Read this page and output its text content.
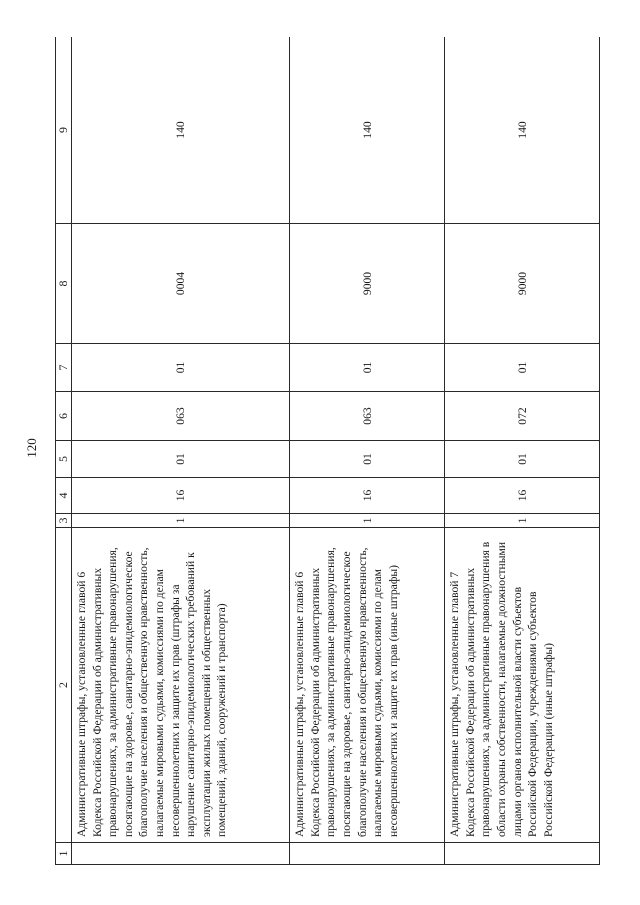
120
1	2	3	4	5	6	7	8	9
	Административные штрафы, установленные главой 6 Кодекса Российской Федерации об административных правонарушениях, за административные правонарушения, посягающие на здоровье, санитарно-эпидемиологическое благополучие населения и общественную нравственность, налагаемые мировыми судьями, комиссиями по делам несовершеннолетних и защите их прав (штрафы за нарушение санитарно-эпидемиологических требований к эксплуатации жилых помещений и общественных помещений, зданий, сооружений и транспорта)	1	16	01	063	01	0004	140
	Административные штрафы, установленные главой 6 Кодекса Российской Федерации об административных правонарушениях, за административные правонарушения, посягающие на здоровье, санитарно-эпидемиологическое благополучие населения и общественную нравственность, налагаемые мировыми судьями, комиссиями по делам несовершеннолетних и защите их прав (иные штрафы)	1	16	01	063	01	9000	140
	Административные штрафы, установленные главой 7 Кодекса Российской Федерации об административных правонарушениях, за административные правонарушения в области охраны собственности, налагаемые должностными лицами органов исполнительной власти субъектов Российской Федерации, учреждениями субъектов Российской Федерации (иные штрафы)	1	16	01	072	01	9000	140
